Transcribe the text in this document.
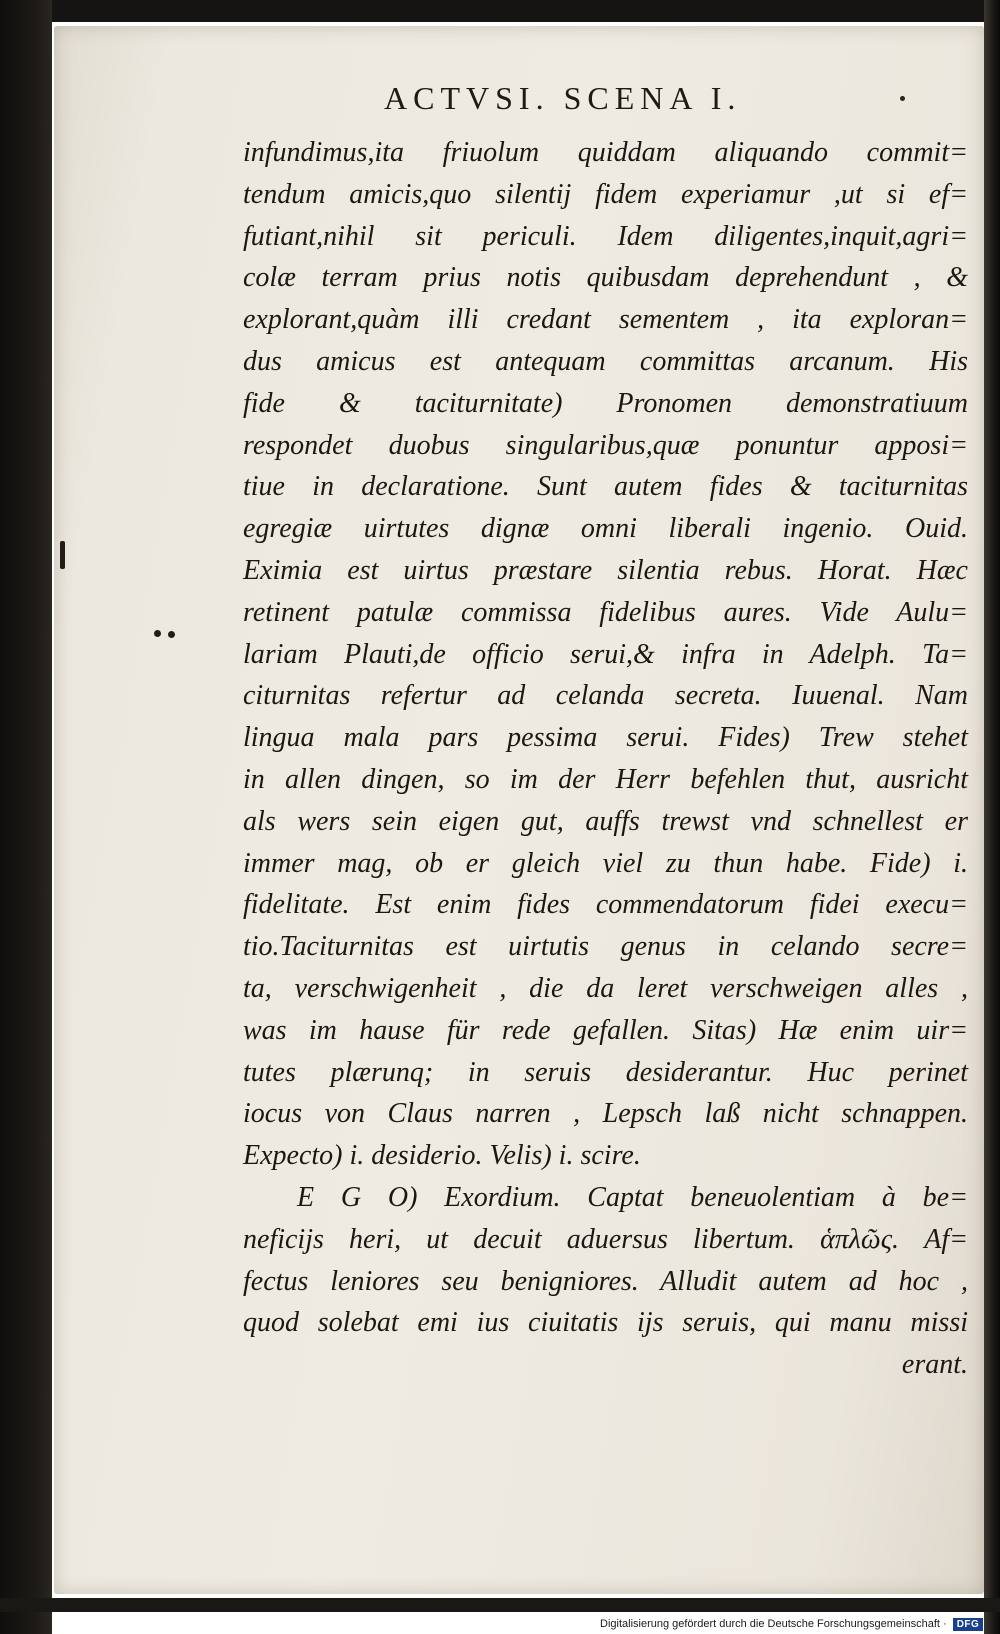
ACTVSI. SCENA I.
infundimus,ita friuolum quiddam aliquando commit=
tendum amicis,quo silentij fidem experiamur ,ut si ef=
futiant,nihil sit periculi. Idem diligentes,inquit,agri=
colæ terram prius notis quibusdam deprehendunt , &
explorant,quàm illi credant sementem , ita exploran=
dus amicus est antequam committas arcanum. His
fide & taciturnitate) Pronomen demonstratiuum
respondet duobus singularibus,quæ ponuntur apposi=
tiue in declaratione. Sunt autem fides & taciturnitas
egregiæ uirtutes dignæ omni liberali ingenio. Ouid.
Eximia est uirtus præstare silentia rebus. Horat. Hæc
retinent patulæ commissa fidelibus aures. Vide Aulu=
lariam Plauti,de officio serui,& infra in Adelph. Ta=
citurnitas refertur ad celanda secreta. Iuuenal. Nam
lingua mala pars pessima serui. Fides) Trew stehet
in allen dingen, so im der Herr befehlen thut, ausricht
als wers sein eigen gut, auffs trewst vnd schnellest er
immer mag, ob er gleich viel zu thun habe. Fide) i.
fidelitate. Est enim fides commendatorum fidei execu=
tio.Taciturnitas est uirtutis genus in celando secre=
ta, verschwigenheit , die da leret verschweigen alles ,
was im hause für rede gefallen. Sitas) Hæ enim uir=
tutes plærunq; in seruis desiderantur. Huc perinet
iocus von Claus narren , Lepsch laß nicht schnappen.
Expecto) i. desiderio. Velis) i. scire.
E G O) Exordium. Captat beneuolentiam à be=
neficijs heri, ut decuit aduersus libertum. ἁπλῶς. Af=
fectus leniores seu benigniores. Alludit autem ad hoc ,
quod solebat emi ius ciuitatis ijs seruis, qui manu missi
erant.
Digitalisierung gefördert durch die Deutsche Forschungsgemeinschaft ·	DFG
